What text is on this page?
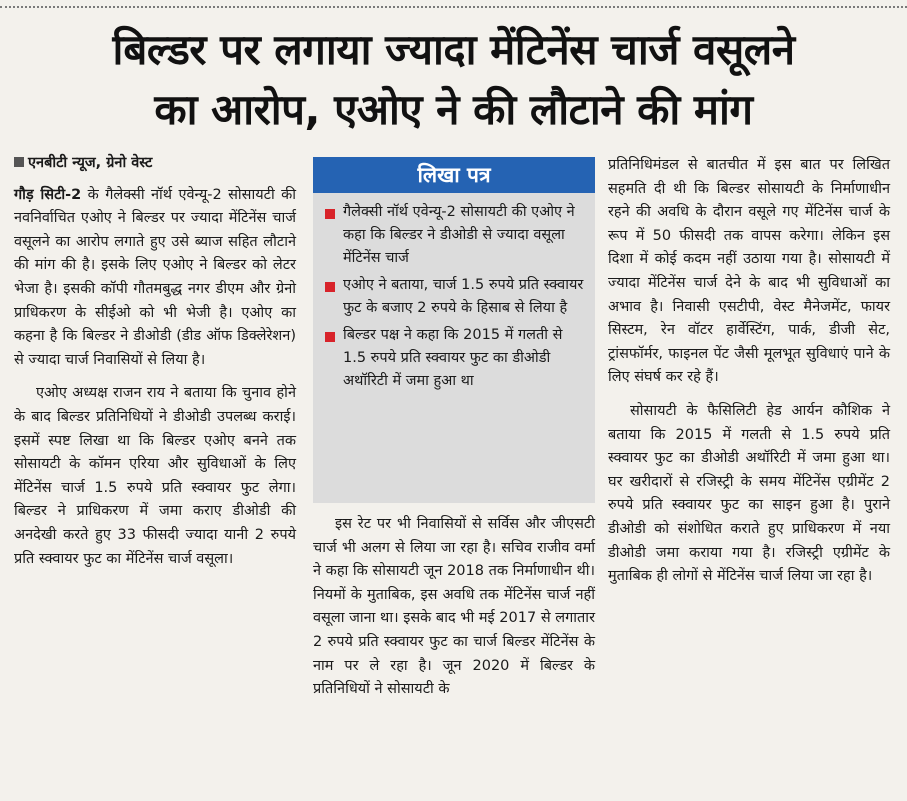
बिल्डर पर लगाया ज्यादा मेंटिनेंस चार्ज वसूलने
का आरोप, एओए ने की लौटाने की मांग
एनबीटी न्यूज, ग्रेनो वेस्ट

गौड़ सिटी-2 के गैलेक्सी नॉर्थ एवेन्यू-2 सोसायटी की नवनिर्वाचित एओए ने बिल्डर पर ज्यादा मेंटिनेंस चार्ज वसूलने का आरोप लगाते हुए उसे ब्याज सहित लौटाने की मांग की है। इसके लिए एओए ने बिल्डर को लेटर भेजा है। इसकी कॉपी गौतमबुद्ध नगर डीएम और ग्रेनो प्राधिकरण के सीईओ को भी भेजी है। एओए का कहना है कि बिल्डर ने डीओडी (डीड ऑफ डिक्लेरेशन) से ज्यादा चार्ज निवासियों से लिया है।

एओए अध्यक्ष राजन राय ने बताया कि चुनाव होने के बाद बिल्डर प्रतिनिधियों ने डीओडी उपलब्ध कराई। इसमें स्पष्ट लिखा था कि बिल्डर एओए बनने तक सोसायटी के कॉमन एरिया और सुविधाओं के लिए मेंटिनेंस चार्ज 1.5 रुपये प्रति स्क्वायर फुट लेगा। बिल्डर ने प्राधिकरण में जमा कराए डीओडी की अनदेखी करते हुए 33 फीसदी ज्यादा यानी 2 रुपये प्रति स्क्वायर फुट का मेंटिनेंस चार्ज वसूला।

लिखा पत्र
गैलेक्सी नॉर्थ एवेन्यू-2 सोसायटी की एओए ने कहा कि बिल्डर ने डीओडी से ज्यादा वसूला मेंटिनेंस चार्ज
एओए ने बताया, चार्ज 1.5 रुपये प्रति स्क्वायर फुट के बजाए 2 रुपये के हिसाब से लिया है
बिल्डर पक्ष ने कहा कि 2015 में गलती से 1.5 रुपये प्रति स्क्वायर फुट का डीओडी अथॉरिटी में जमा हुआ था

इस रेट पर भी निवासियों से सर्विस और जीएसटी चार्ज भी अलग से लिया जा रहा है। सचिव राजीव वर्मा ने कहा कि सोसायटी जून 2018 तक निर्माणाधीन थी। नियमों के मुताबिक, इस अवधि तक मेंटिनेंस चार्ज नहीं वसूला जाना था। इसके बाद भी मई 2017 से लगातार 2 रुपये प्रति स्क्वायर फुट का चार्ज बिल्डर मेंटिनेंस के नाम पर ले रहा है। जून 2020 में बिल्डर के प्रतिनिधियों ने सोसायटी के

प्रतिनिधिमंडल से बातचीत में इस बात पर लिखित सहमति दी थी कि बिल्डर सोसायटी के निर्माणाधीन रहने की अवधि के दौरान वसूले गए मेंटिनेंस चार्ज के रूप में 50 फीसदी तक वापस करेगा। लेकिन इस दिशा में कोई कदम नहीं उठाया गया है। सोसायटी में ज्यादा मेंटिनेंस चार्ज देने के बाद भी सुविधाओं का अभाव है। निवासी एसटीपी, वेस्ट मैनेजमेंट, फायर सिस्टम, रेन वॉटर हार्वेस्टिंग, पार्क, डीजी सेट, ट्रांसफॉर्मर, फाइनल पेंट जैसी मूलभूत सुविधाएं पाने के लिए संघर्ष कर रहे हैं।

सोसायटी के फैसिलिटी हेड आर्यन कौशिक ने बताया कि 2015 में गलती से 1.5 रुपये प्रति स्क्वायर फुट का डीओडी अथॉरिटी में जमा हुआ था। घर खरीदारों से रजिस्ट्री के समय मेंटिनेंस एग्रीमेंट 2 रुपये प्रति स्क्वायर फुट का साइन हुआ है। पुराने डीओडी को संशोधित कराते हुए प्राधिकरण में नया डीओडी जमा कराया गया है। रजिस्ट्री एग्रीमेंट के मुताबिक ही लोगों से मेंटिनेंस चार्ज लिया जा रहा है।
